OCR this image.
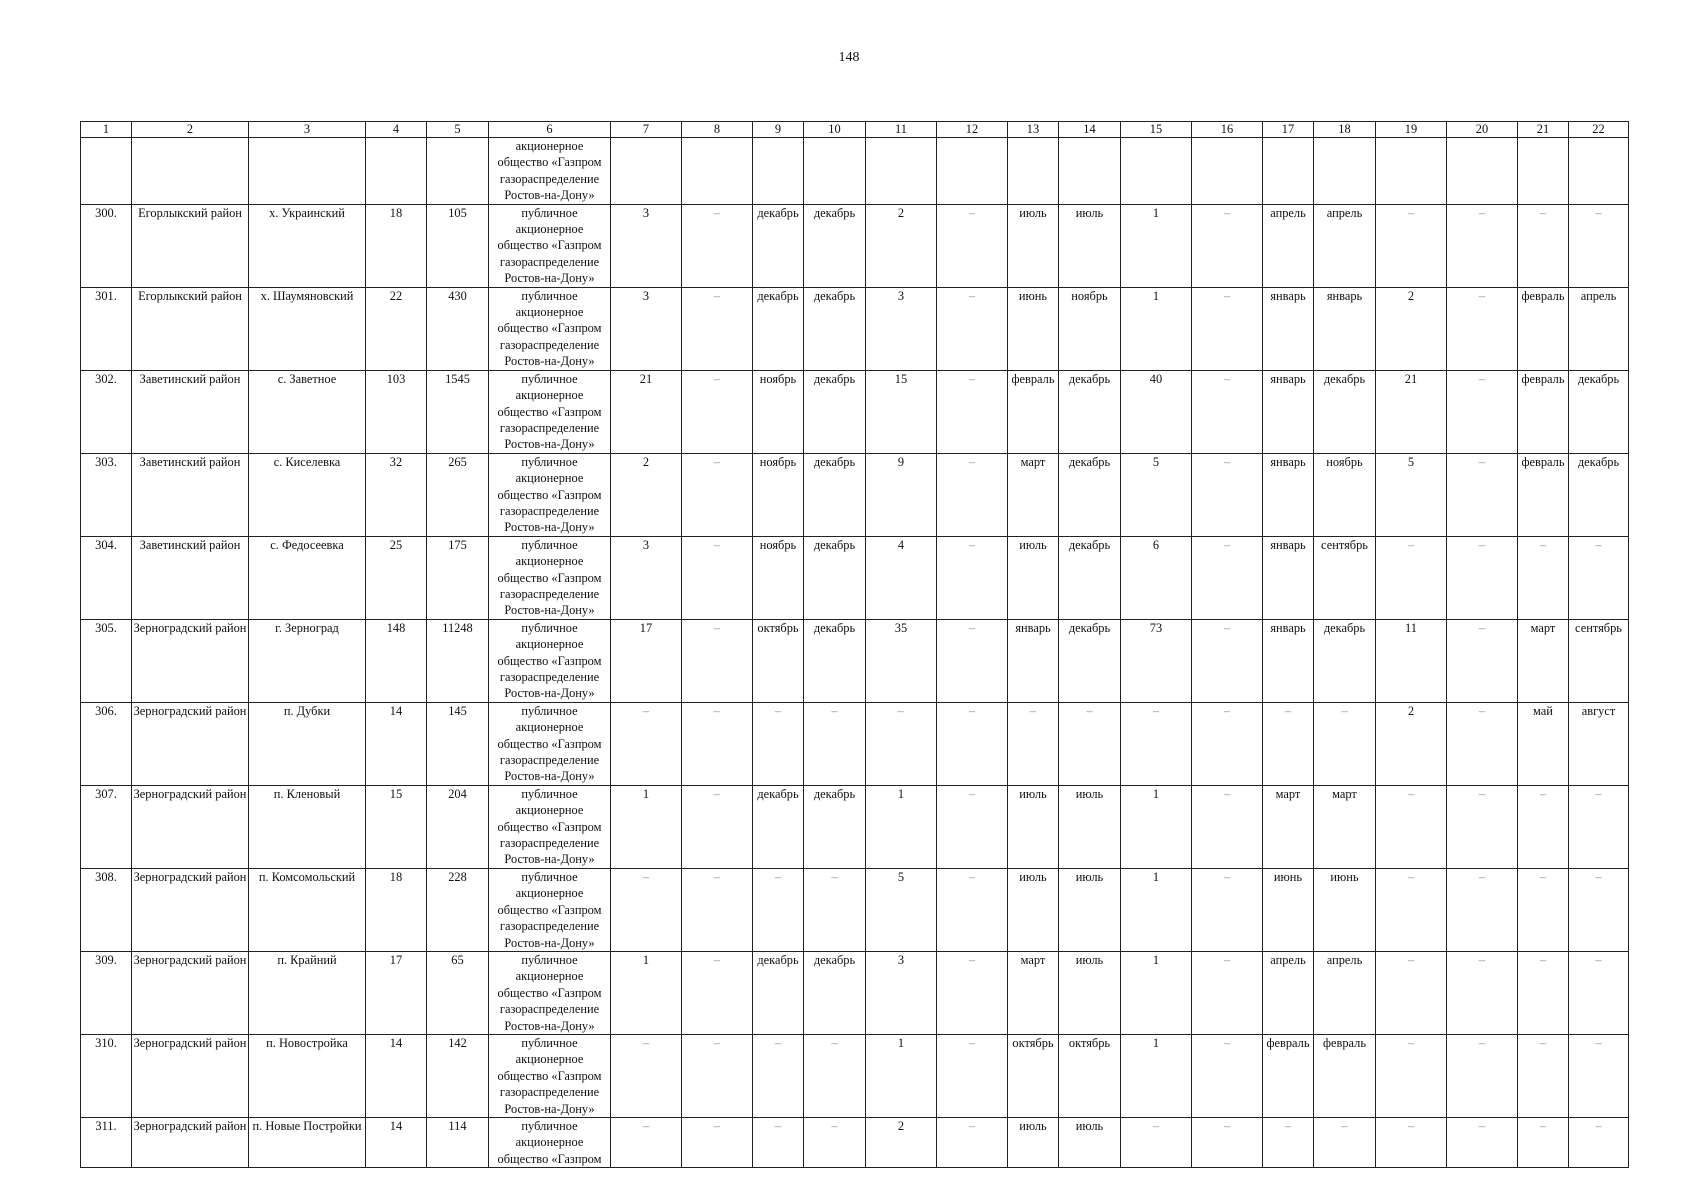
148
1	2	3	4	5	6	7	8	9	10	11	12	13	14	15	16	17	18	19	20	21	22
					акционерное общество «Газпром газораспределение Ростов-на-Дону»																
300.	Егорлыкский район	х. Украинский	18	105	публичное акционерное общество «Газпром газораспределение Ростов-на-Дону»	3	–	декабрь	декабрь	2	–	июль	июль	1	–	апрель	апрель	–	–	–	–
301.	Егорлыкский район	х. Шаумяновский	22	430	публичное акционерное общество «Газпром газораспределение Ростов-на-Дону»	3	–	декабрь	декабрь	3	–	июнь	ноябрь	1	–	январь	январь	2	–	февраль	апрель
302.	Заветинский район	с. Заветное	103	1545	публичное акционерное общество «Газпром газораспределение Ростов-на-Дону»	21	–	ноябрь	декабрь	15	–	февраль	декабрь	40	–	январь	декабрь	21	–	февраль	декабрь
303.	Заветинский район	с. Киселевка	32	265	публичное акционерное общество «Газпром газораспределение Ростов-на-Дону»	2	–	ноябрь	декабрь	9	–	март	декабрь	5	–	январь	ноябрь	5	–	февраль	декабрь
304.	Заветинский район	с. Федосеевка	25	175	публичное акционерное общество «Газпром газораспределение Ростов-на-Дону»	3	–	ноябрь	декабрь	4	–	июль	декабрь	6	–	январь	сентябрь	–	–	–	–
305.	Зерноградский район	г. Зерноград	148	11248	публичное акционерное общество «Газпром газораспределение Ростов-на-Дону»	17	–	октябрь	декабрь	35	–	январь	декабрь	73	–	январь	декабрь	11	–	март	сентябрь
306.	Зерноградский район	п. Дубки	14	145	публичное акционерное общество «Газпром газораспределение Ростов-на-Дону»	–	–	–	–	–	–	–	–	–	–	–	–	2	–	май	август
307.	Зерноградский район	п. Кленовый	15	204	публичное акционерное общество «Газпром газораспределение Ростов-на-Дону»	1	–	декабрь	декабрь	1	–	июль	июль	1	–	март	март	–	–	–	–
308.	Зерноградский район	п. Комсомольский	18	228	публичное акционерное общество «Газпром газораспределение Ростов-на-Дону»	–	–	–	–	5	–	июль	июль	1	–	июнь	июнь	–	–	–	–
309.	Зерноградский район	п. Крайний	17	65	публичное акционерное общество «Газпром газораспределение Ростов-на-Дону»	1	–	декабрь	декабрь	3	–	март	июль	1	–	апрель	апрель	–	–	–	–
310.	Зерноградский район	п. Новостройка	14	142	публичное акционерное общество «Газпром газораспределение Ростов-на-Дону»	–	–	–	–	1	–	октябрь	октябрь	1	–	февраль	февраль	–	–	–	–
311.	Зерноградский район	п. Новые Постройки	14	114	публичное акционерное общество «Газпром	–	–	–	–	2	–	июль	июль	–	–	–	–	–	–	–	–
